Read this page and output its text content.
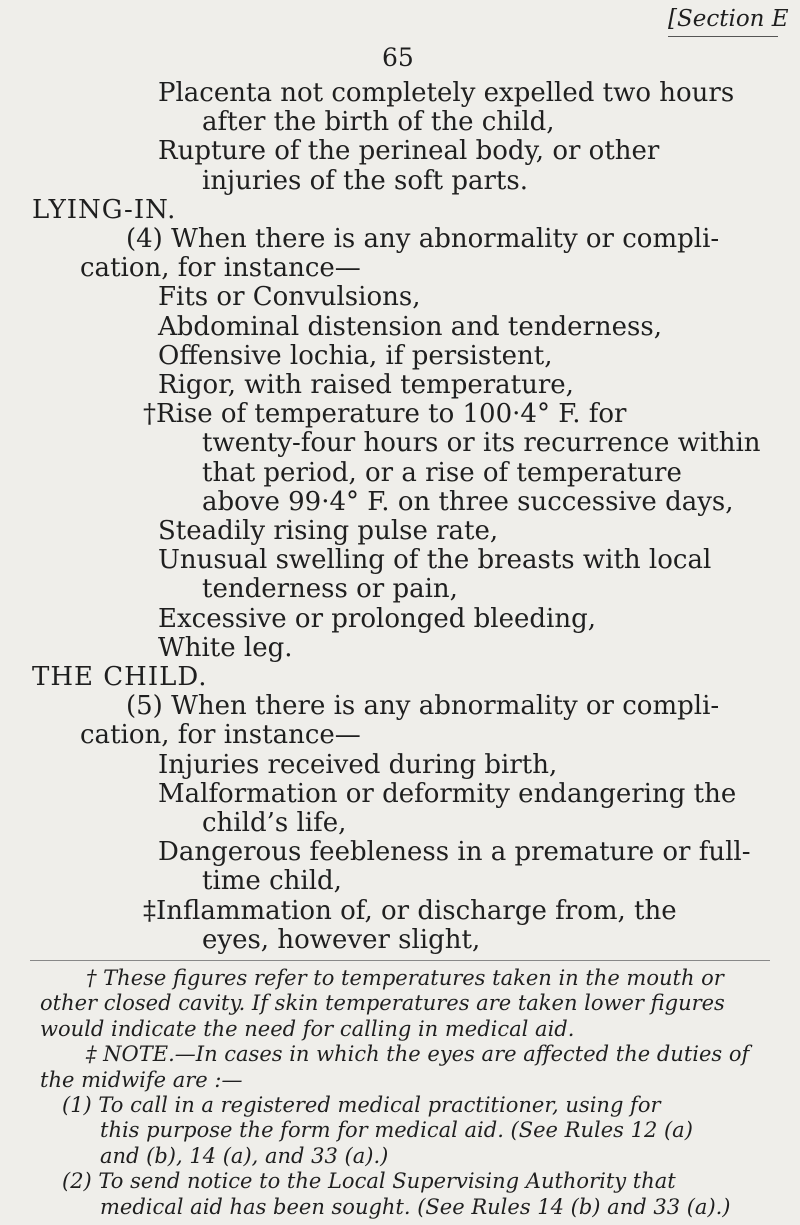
[Section E
65
Placenta not completely expelled two hours
after the birth of the child,
Rupture of the perineal body, or other
injuries of the soft parts.
LYING-IN.
(4) When there is any abnormality or compli-
cation, for instance—
Fits or Convulsions,
Abdominal distension and tenderness,
Offensive lochia, if persistent,
Rigor, with raised temperature,
†Rise of temperature to 100·4° F. for
twenty-four hours or its recurrence within
that period, or a rise of temperature
above 99·4° F. on three successive days,
Steadily rising pulse rate,
Unusual swelling of the breasts with local
tenderness or pain,
Excessive or prolonged bleeding,
White leg.
THE CHILD.
(5) When there is any abnormality or compli-
cation, for instance—
Injuries received during birth,
Malformation or deformity endangering the
child’s life,
Dangerous feebleness in a premature or full-
time child,
‡Inflammation of, or discharge from, the
eyes, however slight,
† These figures refer to temperatures taken in the mouth or
other closed cavity. If skin temperatures are taken lower figures
would indicate the need for calling in medical aid.
‡ NOTE.—In cases in which the eyes are affected the duties of
the midwife are :—
(1) To call in a registered medical practitioner, using for
this purpose the form for medical aid. (See Rules 12 (a)
and (b), 14 (a), and 33 (a).)
(2) To send notice to the Local Supervising Authority that
medical aid has been sought. (See Rules 14 (b) and 33 (a).)
